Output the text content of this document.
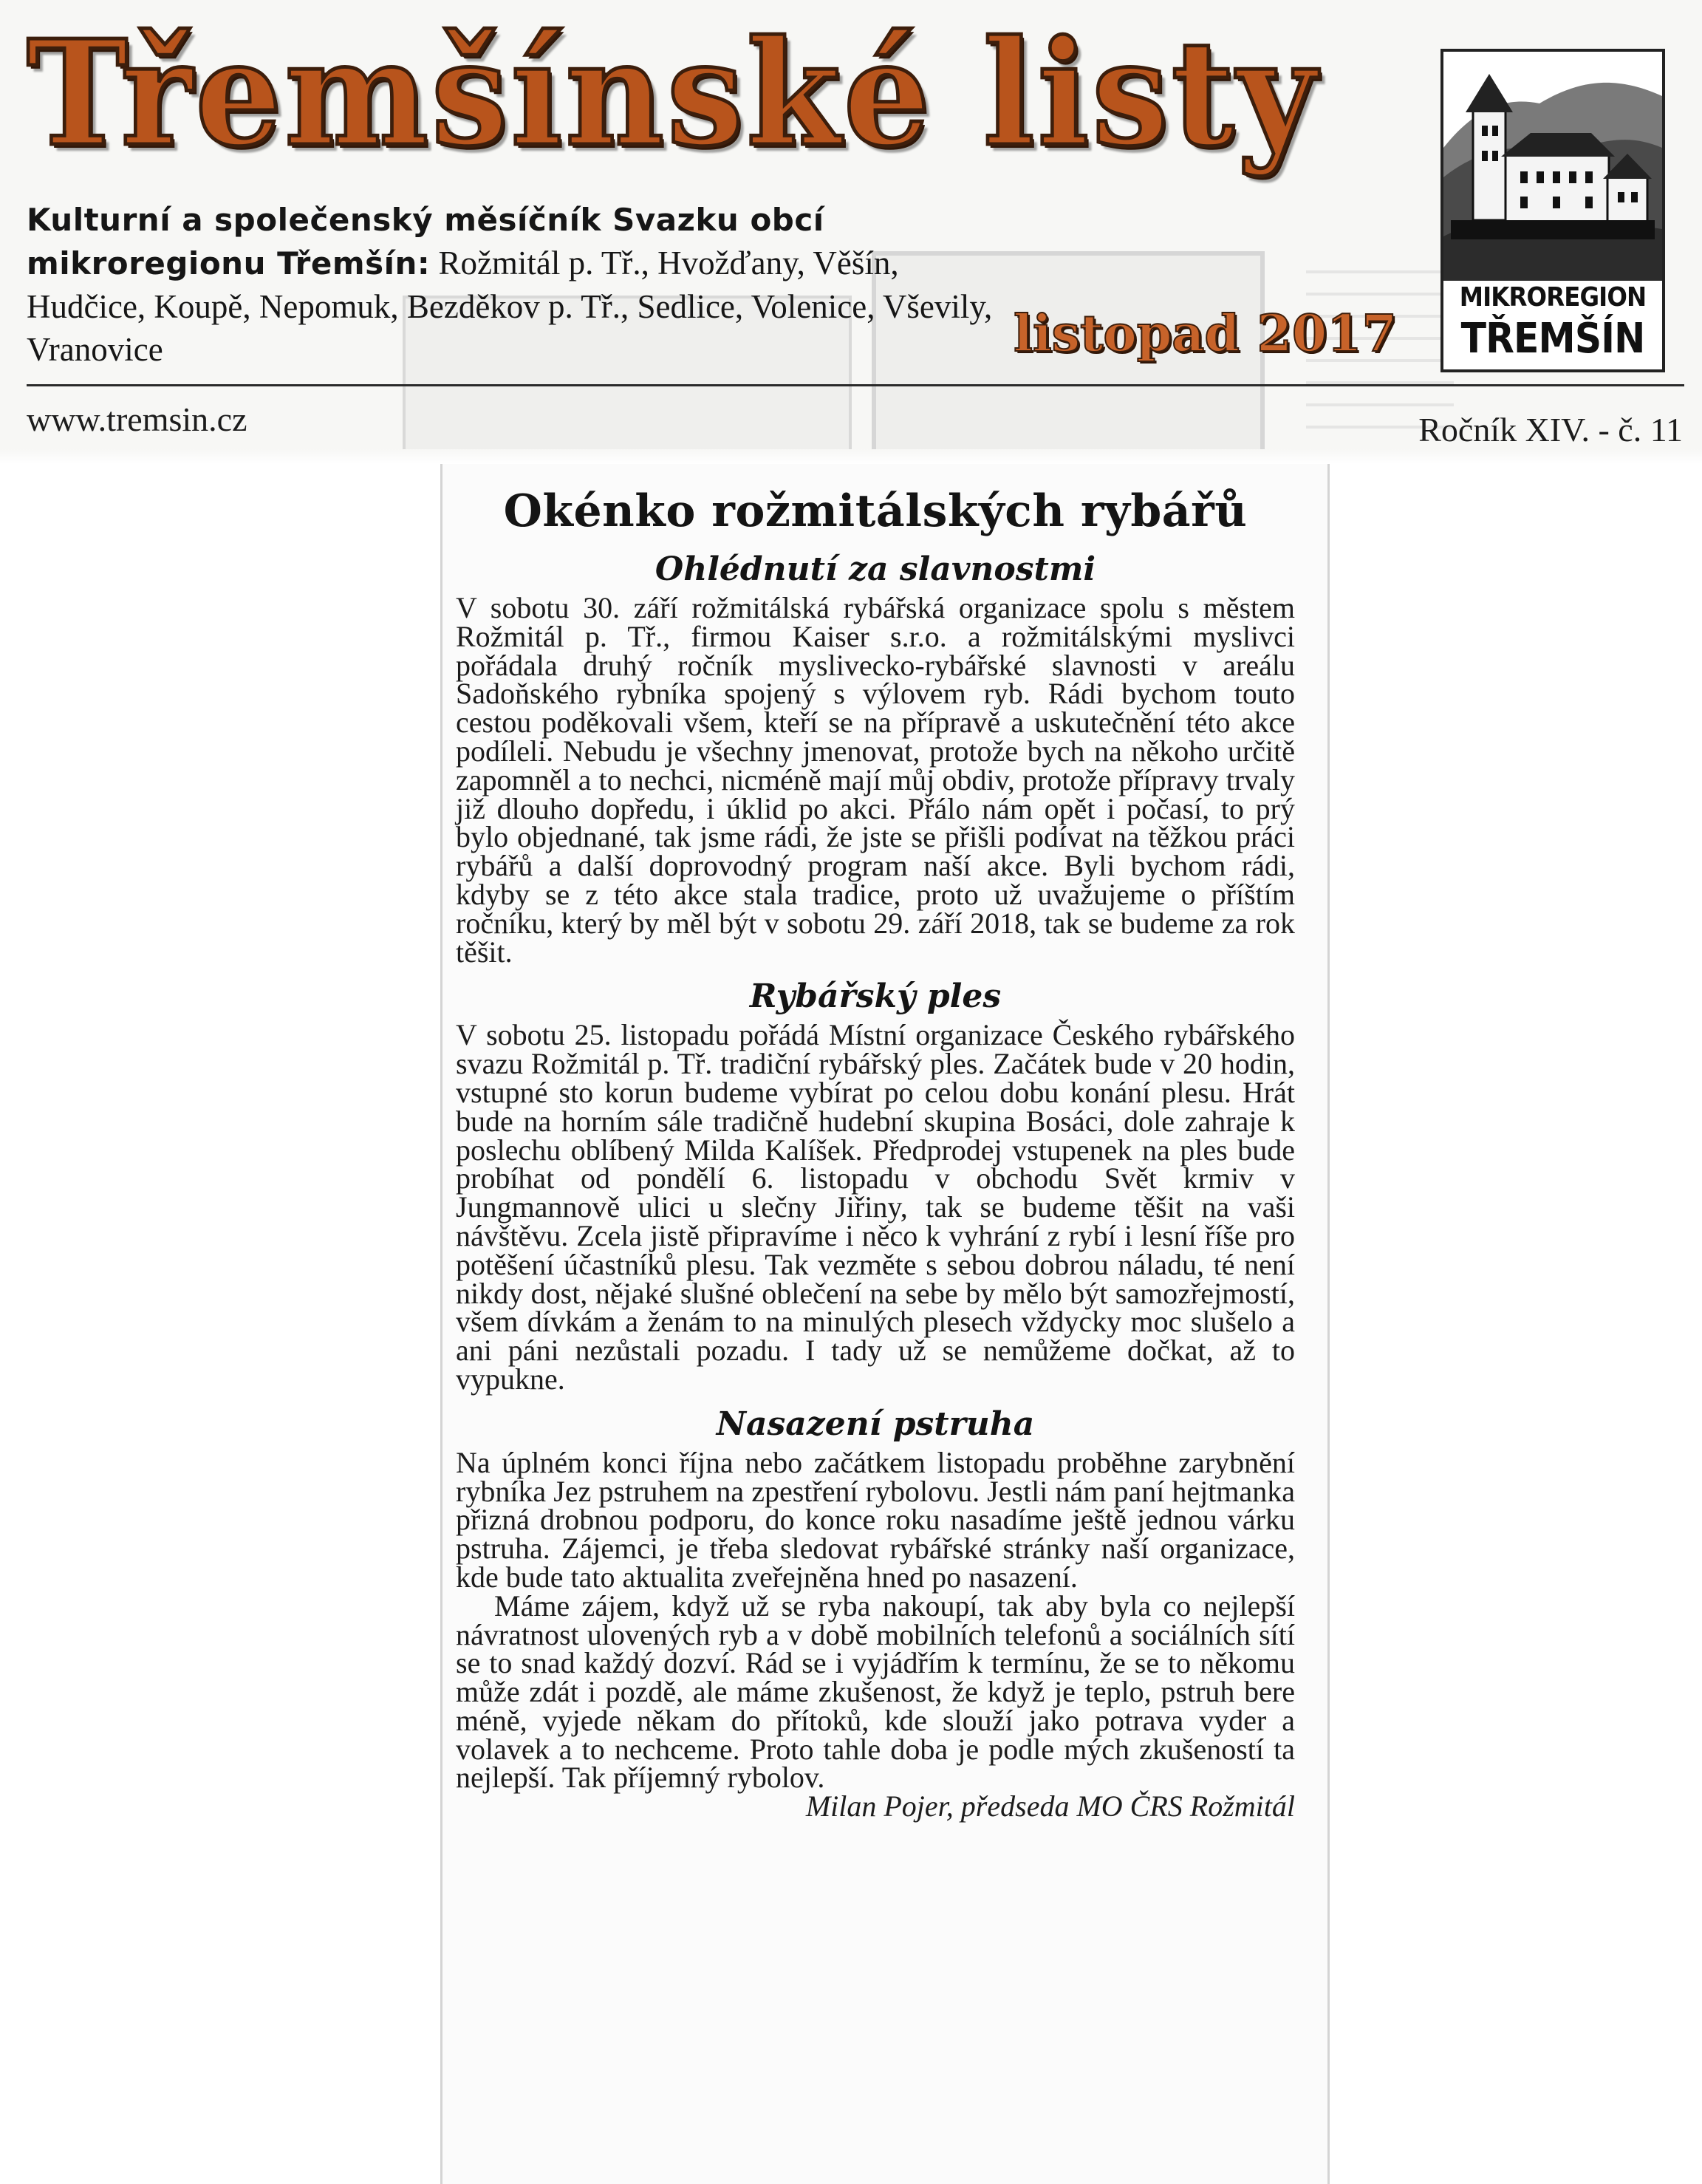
Třemšínské listy

Kulturní a společenský měsíčník Svazku obcí mikroregionu Třemšín: Rožmitál p. Tř., Hvožďany, Věšín, Hudčice, Koupě, Nepomuk, Bezděkov p. Tř., Sedlice, Volenice, Vševily, Vranovice	listopad 2017
MIKROREGION
TŘEMŠÍN
www.tremsin.cz	Ročník XIV. - č. 11
Okénko rožmitálských rybářů
Ohlédnutí za slavnostmi

V sobotu 30. září rožmitálská rybářská organizace spolu s městem Rožmitál p. Tř., firmou Kaiser s.r.o. a rožmitálskými myslivci pořádala druhý ročník myslivecko-rybářské slavnosti v areálu Sadoňského rybníka spojený s výlovem ryb. Rádi bychom touto cestou poděkovali všem, kteří se na přípravě a uskutečnění této akce podíleli. Nebudu je všechny jmenovat, protože bych na někoho určitě zapomněl a to nechci, nicméně mají můj obdiv, protože přípravy trvaly již dlouho dopředu, i úklid po akci. Přálo nám opět i počasí, to prý bylo objednané, tak jsme rádi, že jste se přišli podívat na těžkou práci rybářů a další doprovodný program naší akce. Byli bychom rádi, kdyby se z této akce stala tradice, proto už uvažujeme o příštím ročníku, který by měl být v sobotu 29. září 2018, tak se budeme za rok těšit.

Rybářský ples

V sobotu 25. listopadu pořádá Místní organizace Českého rybářského svazu Rožmitál p. Tř. tradiční rybářský ples. Začátek bude v 20 hodin, vstupné sto korun budeme vybírat po celou dobu konání plesu. Hrát bude na horním sále tradičně hudební skupina Bosáci, dole zahraje k poslechu oblíbený Milda Kalíšek. Předprodej vstupenek na ples bude probíhat od pondělí 6. listopadu v obchodu Svět krmiv v Jungmannově ulici u slečny Jiřiny, tak se budeme těšit na vaši návštěvu. Zcela jistě připravíme i něco k vyhrání z rybí i lesní říše pro potěšení účastníků plesu. Tak vezměte s sebou dobrou náladu, té není nikdy dost, nějaké slušné oblečení na sebe by mělo být samozřejmostí, všem dívkám a ženám to na minulých plesech vždycky moc slušelo a ani páni nezůstali pozadu. I tady už se nemůžeme dočkat, až to vypukne.

Nasazení pstruha

Na úplném konci října nebo začátkem listopadu proběhne zarybnění rybníka Jez pstruhem na zpestření rybolovu. Jestli nám paní hejtmanka přizná drobnou podporu, do konce roku nasadíme ještě jednou várku pstruha. Zájemci, je třeba sledovat rybářské stránky naší organizace, kde bude tato aktualita zveřejněna hned po nasazení.

Máme zájem, když už se ryba nakoupí, tak aby byla co nejlepší návratnost ulovených ryb a v době mobilních telefonů a sociálních sítí se to snad každý dozví. Rád se i vyjádřím k termínu, že se to někomu může zdát i pozdě, ale máme zkušenost, že když je teplo, pstruh bere méně, vyjede někam do přítoků, kde slouží jako potrava vyder a volavek a to nechceme. Proto tahle doba je podle mých zkušeností ta nejlepší. Tak příjemný rybolov.
Milan Pojer, předseda MO ČRS Rožmitál
